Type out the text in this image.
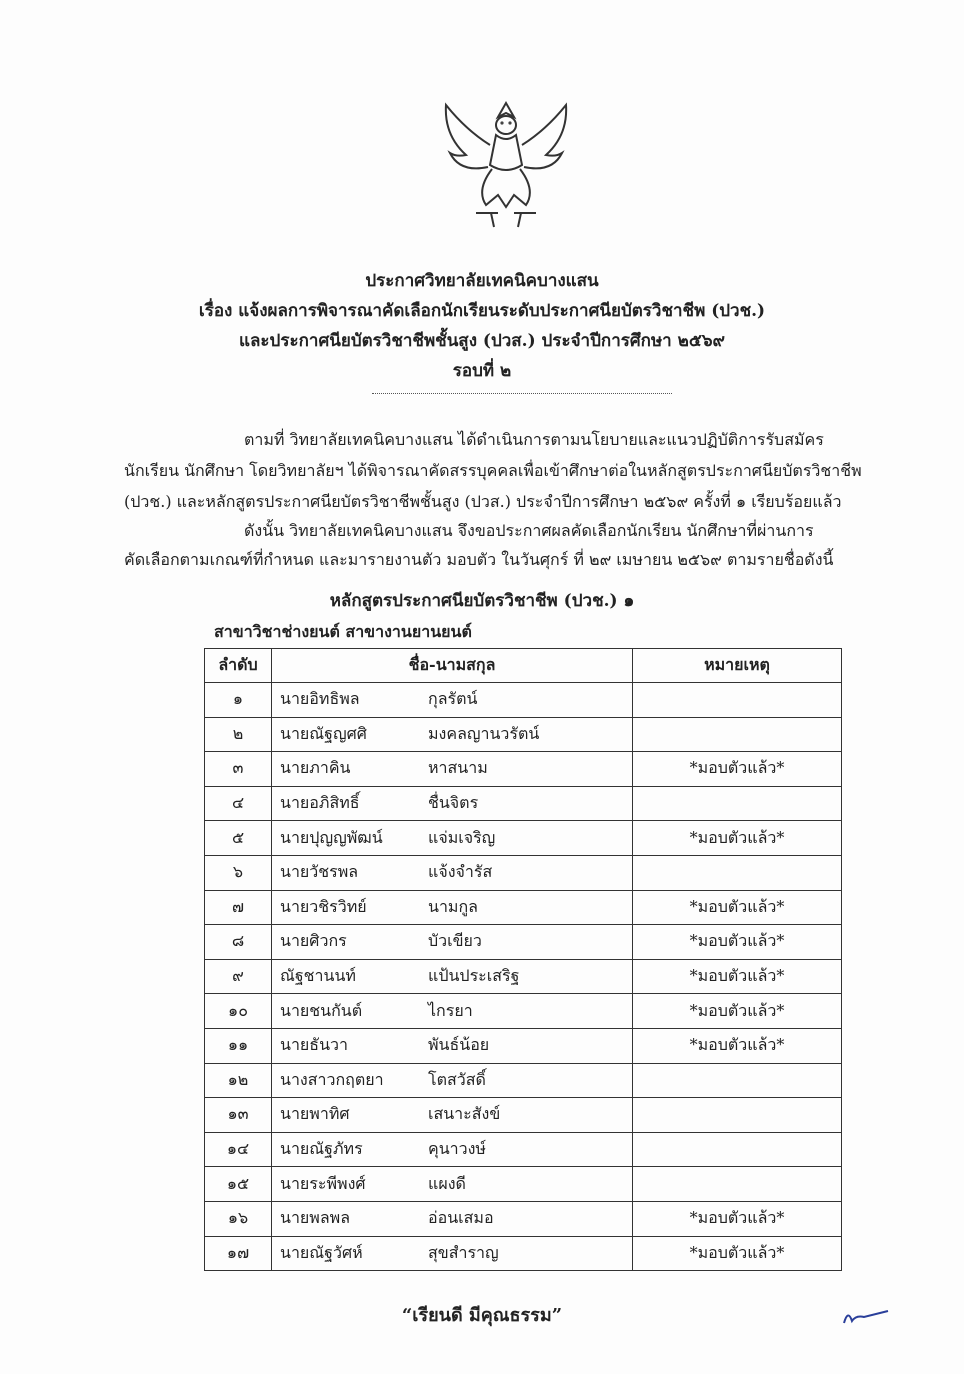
ประกาศวิทยาลัยเทคนิคบางแสน
เรื่อง แจ้งผลการพิจารณาคัดเลือกนักเรียนระดับประกาศนียบัตรวิชาชีพ (ปวช.)
และประกาศนียบัตรวิชาชีพชั้นสูง (ปวส.) ประจำปีการศึกษา ๒๕๖๙
รอบที่ ๒
ตามที่ วิทยาลัยเทคนิคบางแสน ได้ดำเนินการตามนโยบายและแนวปฏิบัติการรับสมัคร
นักเรียน นักศึกษา โดยวิทยาลัยฯ ได้พิจารณาคัดสรรบุคคลเพื่อเข้าศึกษาต่อในหลักสูตรประกาศนียบัตรวิชาชีพ
(ปวช.) และหลักสูตรประกาศนียบัตรวิชาชีพชั้นสูง (ปวส.) ประจำปีการศึกษา ๒๕๖๙ ครั้งที่ ๑ เรียบร้อยแล้ว
ดังนั้น วิทยาลัยเทคนิคบางแสน จึงขอประกาศผลคัดเลือกนักเรียน นักศึกษาที่ผ่านการ
คัดเลือกตามเกณฑ์ที่กำหนด และมารายงานตัว มอบตัว ในวันศุกร์ ที่ ๒๙ เมษายน ๒๕๖๙ ตามรายชื่อดังนี้
หลักสูตรประกาศนียบัตรวิชาชีพ (ปวช.) ๑
สาขาวิชาช่างยนต์ สาขางานยานยนต์
ลำดับ	ชื่อ-นามสกุล	หมายเหตุ
๑	นายอิทธิพล กุลรัตน์	
๒	นายณัฐญศศิ มงคลญานวรัตน์	
๓	นายภาคิน หาสนาม	*มอบตัวแล้ว*
๔	นายอภิสิทธิ์ ชื่นจิตร	
๕	นายปุญญพัฒน์ แจ่มเจริญ	*มอบตัวแล้ว*
๖	นายวัชรพล แจ้งจำรัส	
๗	นายวชิรวิทย์ นามกูล	*มอบตัวแล้ว*
๘	นายศิวกร บัวเขียว	*มอบตัวแล้ว*
๙	ณัฐชานนท์ แป้นประเสริฐ	*มอบตัวแล้ว*
๑๐	นายชนกันต์ ไกรยา	*มอบตัวแล้ว*
๑๑	นายธันวา พันธ์น้อย	*มอบตัวแล้ว*
๑๒	นางสาวกฤตยา โตสวัสดิ์	
๑๓	นายพาทิศ เสนาะสังข์	
๑๔	นายณัฐภัทร คุนาวงษ์	
๑๕	นายระพีพงศ์ แผงดี	
๑๖	นายพลพล อ่อนเสมอ	*มอบตัวแล้ว*
๑๗	นายณัฐวัศห์ สุขสำราญ	*มอบตัวแล้ว*
“เรียนดี มีคุณธรรม”
